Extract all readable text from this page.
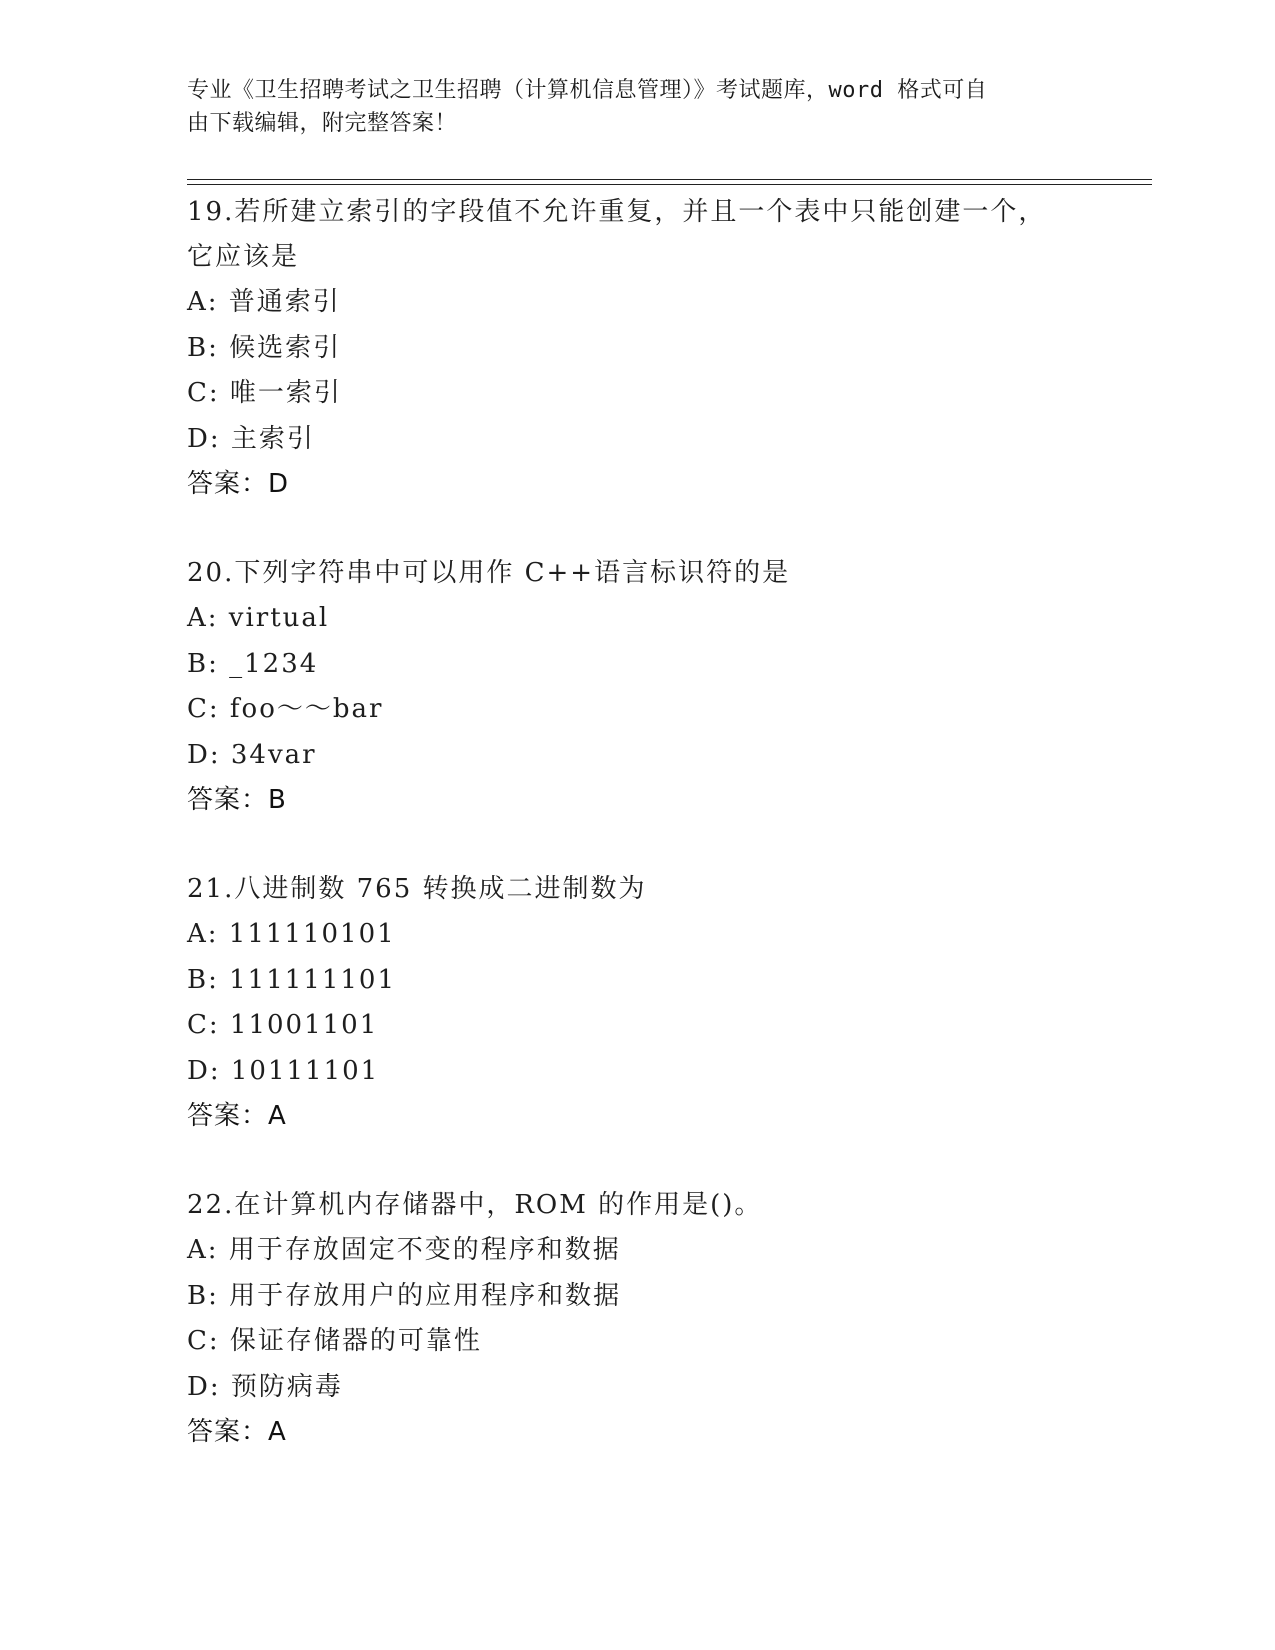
专业《卫生招聘考试之卫生招聘（计算机信息管理）》考试题库，word 格式可自
由下载编辑，附完整答案！
19.若所建立索引的字段值不允许重复，并且一个表中只能创建一个，
它应该是
A: 普通索引
B: 候选索引
C: 唯一索引
D: 主索引
答案：D
20.下列字符串中可以用作 C++语言标识符的是
A: virtual
B: _1234
C: foo～～bar
D: 34var
答案：B
21.八进制数 765 转换成二进制数为
A: 111110101
B: 111111101
C: 11001101
D: 10111101
答案：A
22.在计算机内存储器中，ROM 的作用是()。
A: 用于存放固定不变的程序和数据
B: 用于存放用户的应用程序和数据
C: 保证存储器的可靠性
D: 预防病毒
答案：A
